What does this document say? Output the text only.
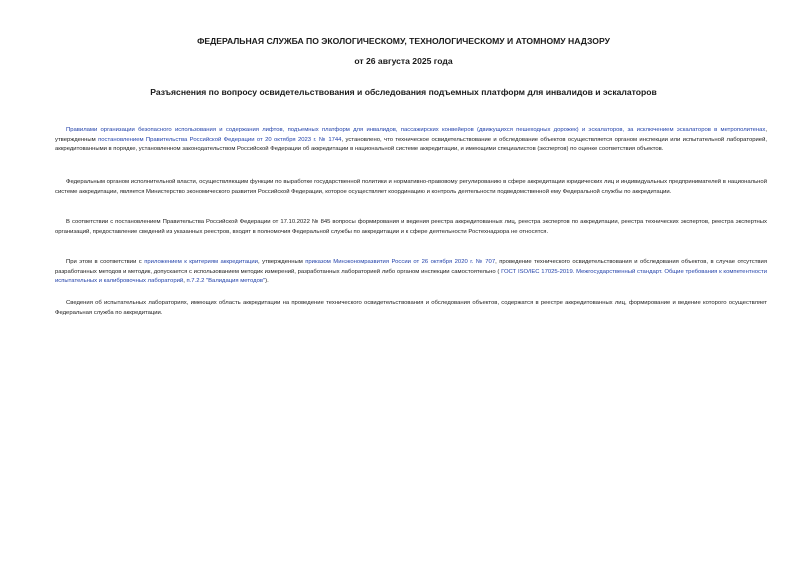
ФЕДЕРАЛЬНАЯ СЛУЖБА ПО ЭКОЛОГИЧЕСКОМУ, ТЕХНОЛОГИЧЕСКОМУ И АТОМНОМУ НАДЗОРУ
от 26 августа 2025 года
Разъяснения по вопросу освидетельствования и обследования подъемных платформ для инвалидов и эскалаторов

Правилами организации безопасного использования и содержания лифтов, подъемных платформ для инвалидов, пассажирских конвейеров (движущихся пешеходных дорожек) и эскалаторов, за исключением эскалаторов в метрополитенах, утвержденным постановлением Правительства Российской Федерации от 20 октября 2023 г. № 1744, установлено, что техническое освидетельствование и обследование объектов осуществляется органом инспекции или испытательной лабораторией, аккредитованными в порядке, установленном законодательством Российской Федерации об аккредитации в национальной системе аккредитации, и имеющими специалистов (экспертов) по оценке соответствия объектов.

Федеральным органом исполнительной власти, осуществляющим функции по выработке государственной политики и нормативно-правовому регулированию в сфере аккредитации юридических лиц и индивидуальных предпринимателей в национальной системе аккредитации, является Министерство экономического развития Российской Федерации, которое осуществляет координацию и контроль деятельности подведомственной ему Федеральной службы по аккредитации.

В соответствии с постановлением Правительства Российской Федерации от 17.10.2022 № 845 вопросы формирования и ведения реестра аккредитованных лиц, реестра экспертов по аккредитации, реестра технических экспертов, реестра экспертных организаций, предоставление сведений из указанных реестров, входят в полномочия Федеральной службы по аккредитации и к сфере деятельности Ростехнадзора не относятся.

При этом в соответствии с приложением к критериям аккредитации, утвержденным приказом Минэкономразвития России от 26 октября 2020 г. № 707, проведение технического освидетельствования и обследования объектов, в случае отсутствия разработанных методов и методик, допускается с использованием методик измерений, разработанных лабораторией либо органом инспекции самостоятельно ( ГОСТ ISO/IEC 17025-2019. Межгосударственный стандарт. Общие требования к компетентности испытательных и калибровочных лабораторий, п.7.2.2 "Валидация методов").

Сведения об испытательных лабораториях, имеющих область аккредитации на проведение технического освидетельствования и обследования объектов, содержатся в реестре аккредитованных лиц, формирование и ведение которого осуществляет Федеральная служба по аккредитации.
